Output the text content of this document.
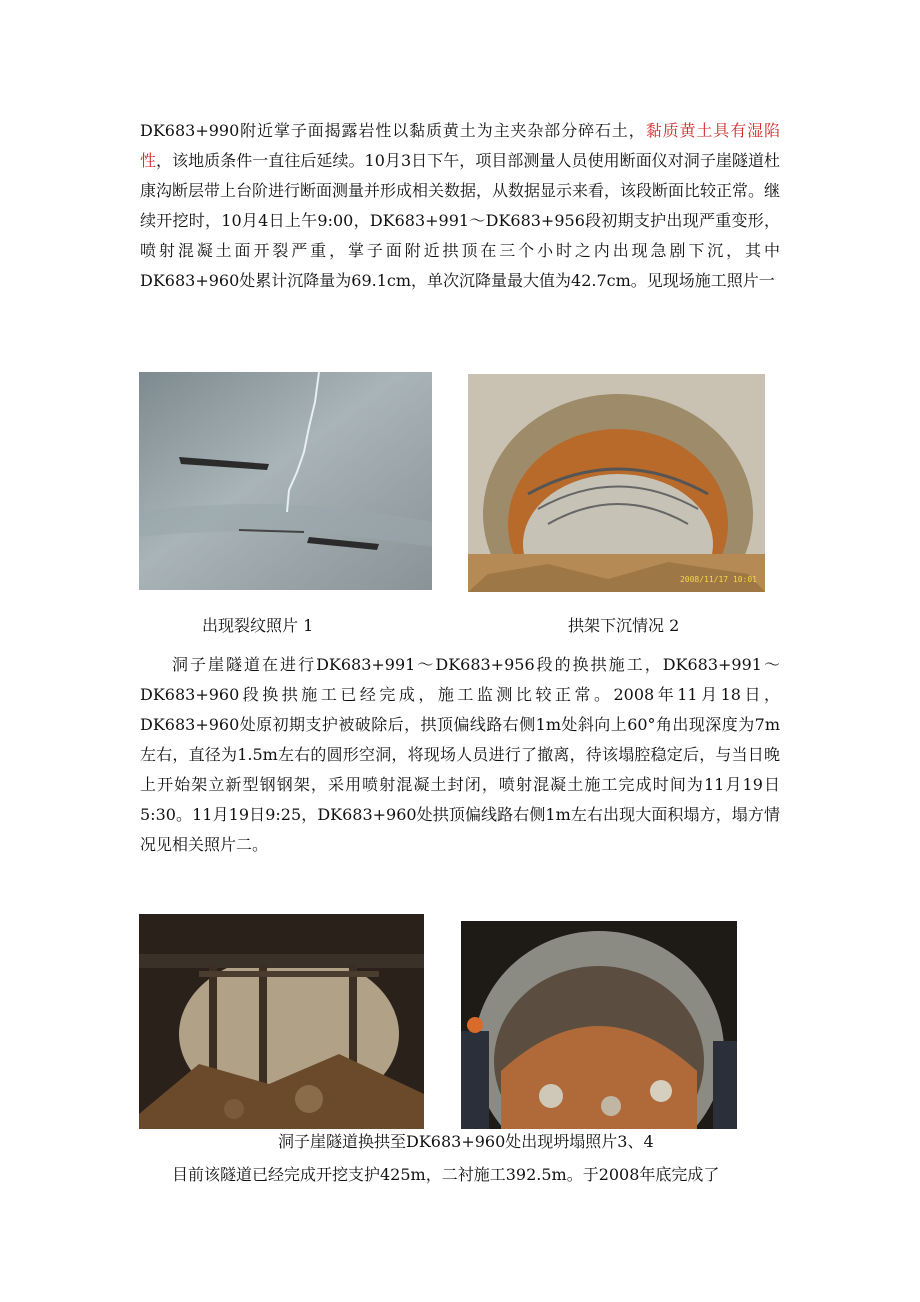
DK683+990附近掌子面揭露岩性以黏质黄土为主夹杂部分碎石土，黏质黄土具有湿陷性，该地质条件一直往后延续。10月3日下午，项目部测量人员使用断面仪对洞子崖隧道杜康沟断层带上台阶进行断面测量并形成相关数据，从数据显示来看，该段断面比较正常。继续开挖时，10月4日上午9:00，DK683+991～DK683+956段初期支护出现严重变形，喷射混凝土面开裂严重，掌子面附近拱顶在三个小时之内出现急剧下沉，其中DK683+960处累计沉降量为69.1cm，单次沉降量最大值为42.7cm。见现场施工照片一

2008/11/17 10:01
出现裂纹照片 1	拱架下沉情况 2

洞子崖隧道在进行DK683+991～DK683+956段的换拱施工，DK683+991～DK683+960段换拱施工已经完成，施工监测比较正常。2008年11月18日，DK683+960处原初期支护被破除后，拱顶偏线路右侧1m处斜向上60°角出现深度为7m左右，直径为1.5m左右的圆形空洞，将现场人员进行了撤离，待该塌腔稳定后，与当日晚上开始架立新型钢钢架，采用喷射混凝土封闭，喷射混凝土施工完成时间为11月19日5:30。11月19日9:25，DK683+960处拱顶偏线路右侧1m左右出现大面积塌方，塌方情况见相关照片二。

洞子崖隧道换拱至DK683+960处出现坍塌照片3、4

目前该隧道已经完成开挖支护425m，二衬施工392.5m。于2008年底完成了
